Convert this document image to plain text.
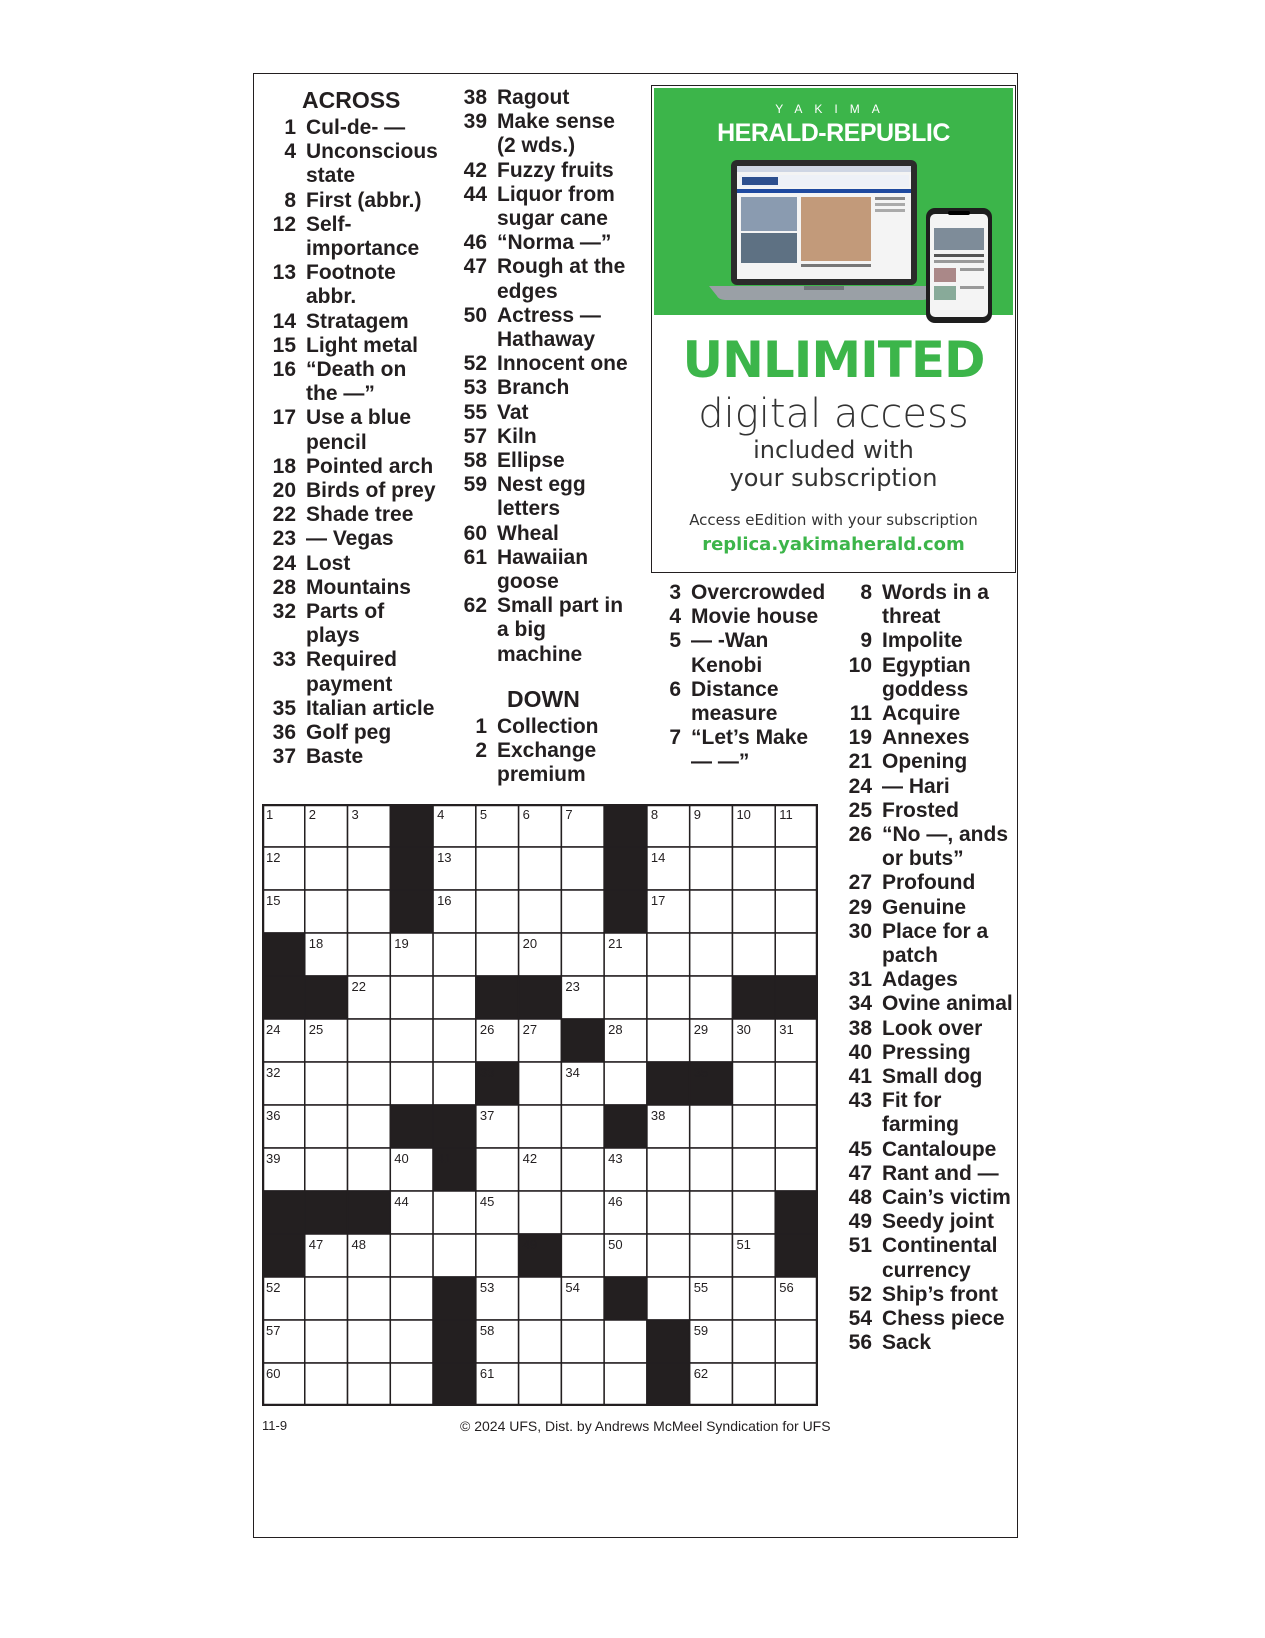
ACROSS
1 Cul-de- —
4 Unconscious state
8 First (abbr.)
12 Self-importance
13 Footnote abbr.
14 Stratagem
15 Light metal
16 “Death on the —”
17 Use a blue pencil
18 Pointed arch
20 Birds of prey
22 Shade tree
23 — Vegas
24 Lost
28 Mountains
32 Parts of plays
33 Required payment
35 Italian article
36 Golf peg
37 Baste
38 Ragout
39 Make sense (2 wds.)
42 Fuzzy fruits
44 Liquor from sugar cane
46 “Norma —”
47 Rough at the edges
50 Actress — Hathaway
52 Innocent one
53 Branch
55 Vat
57 Kiln
58 Ellipse
59 Nest egg letters
60 Wheal
61 Hawaiian goose
62 Small part in a big machine
DOWN
1 Collection
2 Exchange premium
3 Overcrowded
4 Movie house
5 — -Wan Kenobi
6 Distance measure
7 “Let’s Make — —”
8 Words in a threat
9 Impolite
10 Egyptian goddess
11 Acquire
19 Annexes
21 Opening
24 — Hari
25 Frosted
26 “No —, ands or buts”
27 Profound
29 Genuine
30 Place for a patch
31 Adages
34 Ovine animal
38 Look over
40 Pressing
41 Small dog
43 Fit for farming
45 Cantaloupe
47 Rant and —
48 Cain’s victim
49 Seedy joint
51 Continental currency
52 Ship’s front
54 Chess piece
56 Sack
YAKIMA
HERALD-REPUBLIC
UNLIMITED
digital access
included with
your subscription
Access eEdition with your subscription
replica.yakimaherald.com
1	2	3	4	5	6	7	8	9	10 11
12	13	14
15	16	17
18	19	20	21
22	23
24 25	26 27	28	29 30 31
32	33	34	35
36	37	38
39	40 41	42	43
44	45	46
47 48	49	50	51
52	53	54	55	56
57	58	59
60	61	62
11-9	© 2024 UFS, Dist. by Andrews McMeel Syndication for UFS
